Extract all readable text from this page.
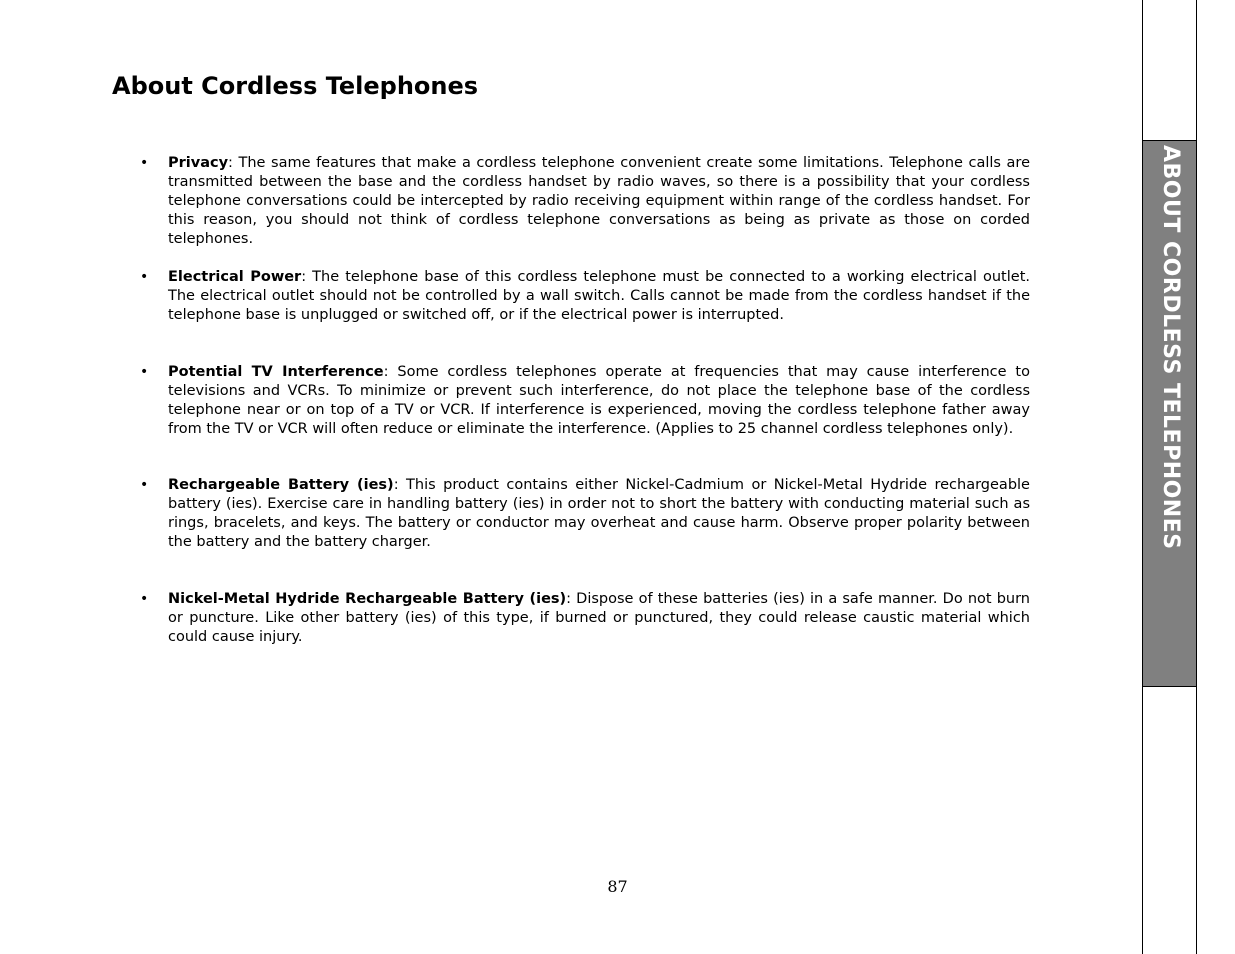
About Cordless Telephones
•	Privacy: The same features that make a cordless telephone convenient create some limitations. Telephone calls are transmitted between the base and the cordless handset by radio waves, so there is a possibility that your cordless telephone conversations could be intercepted by radio receiving equipment within range of the cordless handset. For this reason, you should not think of cordless telephone conversations as being as private as those on corded telephones.
•	Electrical Power: The telephone base of this cordless telephone must be connected to a working electrical outlet. The electrical outlet should not be controlled by a wall switch. Calls cannot be made from the cordless handset if the telephone base is unplugged or switched off, or if the electrical power is interrupted.
•	Potential TV Interference: Some cordless telephones operate at frequencies that may cause interference to televisions and VCRs. To minimize or prevent such interference, do not place the telephone base of the cordless telephone near or on top of a TV or VCR. If interference is experienced, moving the cordless telephone father away from the TV or VCR will often reduce or eliminate the interference. (Applies to 25 channel cordless telephones only).
•	Rechargeable Battery (ies): This product contains either Nickel-Cadmium or Nickel-Metal Hydride rechargeable battery (ies). Exercise care in handling battery (ies) in order not to short the battery with conducting material such as rings, bracelets, and keys. The battery or conductor may overheat and cause harm. Observe proper polarity between the battery and the battery charger.
•	Nickel-Metal Hydride Rechargeable Battery (ies): Dispose of these batteries (ies) in a safe manner. Do not burn or puncture. Like other battery (ies) of this type, if burned or punctured, they could release caustic material which could cause injury.
ABOUT CORDLESS TELEPHONES
87
